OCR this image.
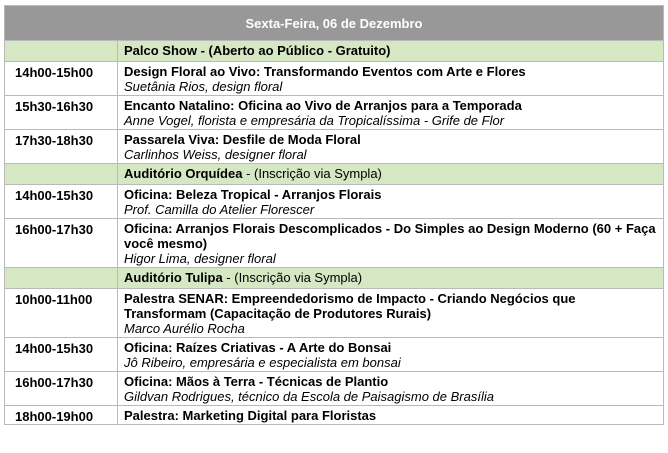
Sexta-Feira, 06 de Dezembro	
	Palco Show - (Aberto ao Público - Gratuito)
14h00-15h00	Design Floral ao Vivo: Transformando Eventos com Arte e Flores
Suetânia Rios, design floral

15h30-16h30	Encanto Natalino: Oficina ao Vivo de Arranjos para a Temporada
Anne Vogel, florista e empresária da Tropicalíssima - Grife de Flor

17h30-18h30	Passarela Viva: Desfile de Moda Floral
Carlinhos Weiss, designer floral

	Auditório Orquídea - (Inscrição via Sympla)
14h00-15h30	Oficina: Beleza Tropical - Arranjos Florais
Prof. Camilla do Atelier Florescer

16h00-17h30	Oficina: Arranjos Florais Descomplicados - Do Simples ao Design Moderno (60 + Faça você mesmo)
Higor Lima, designer floral

	Auditório Tulipa - (Inscrição via Sympla)
10h00-11h00	Palestra SENAR: Empreendedorismo de Impacto - Criando Negócios que Transformam (Capacitação de Produtores Rurais)
Marco Aurélio Rocha

14h00-15h30	Oficina: Raízes Criativas - A Arte do Bonsai
Jô Ribeiro, empresária e especialista em bonsai

16h00-17h30	Oficina: Mãos à Terra - Técnicas de Plantio
Gildvan Rodrigues, técnico da Escola de Paisagismo de Brasília

18h00-19h00	Palestra: Marketing Digital para Floristas
